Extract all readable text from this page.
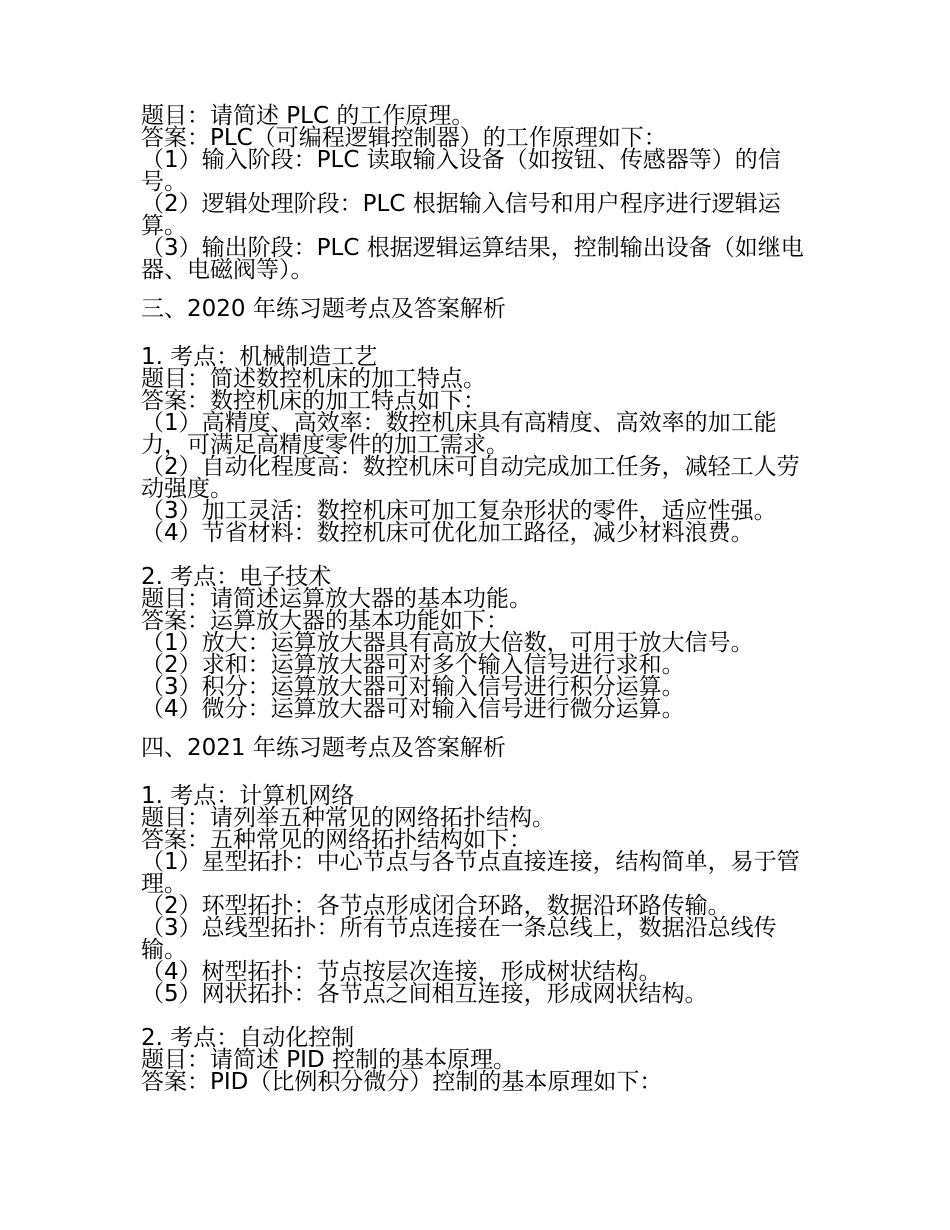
题目：请简述 PLC 的工作原理。
答案：PLC（可编程逻辑控制器）的工作原理如下：
（1）输入阶段：PLC 读取输入设备（如按钮、传感器等）的信号。
（2）逻辑处理阶段：PLC 根据输入信号和用户程序进行逻辑运算。
（3）输出阶段：PLC 根据逻辑运算结果，控制输出设备（如继电器、电磁阀等）。
三、2020 年练习题考点及答案解析
1. 考点：机械制造工艺
题目：简述数控机床的加工特点。
答案：数控机床的加工特点如下：
（1）高精度、高效率：数控机床具有高精度、高效率的加工能力，可满足高精度零件的加工需求。
（2）自动化程度高：数控机床可自动完成加工任务，减轻工人劳动强度。
（3）加工灵活：数控机床可加工复杂形状的零件，适应性强。
（4）节省材料：数控机床可优化加工路径，减少材料浪费。
2. 考点：电子技术
题目：请简述运算放大器的基本功能。
答案：运算放大器的基本功能如下：
（1）放大：运算放大器具有高放大倍数，可用于放大信号。
（2）求和：运算放大器可对多个输入信号进行求和。
（3）积分：运算放大器可对输入信号进行积分运算。
（4）微分：运算放大器可对输入信号进行微分运算。
四、2021 年练习题考点及答案解析
1. 考点：计算机网络
题目：请列举五种常见的网络拓扑结构。
答案：五种常见的网络拓扑结构如下：
（1）星型拓扑：中心节点与各节点直接连接，结构简单，易于管理。
（2）环型拓扑：各节点形成闭合环路，数据沿环路传输。
（3）总线型拓扑：所有节点连接在一条总线上，数据沿总线传输。
（4）树型拓扑：节点按层次连接，形成树状结构。
（5）网状拓扑：各节点之间相互连接，形成网状结构。
2. 考点：自动化控制
题目：请简述 PID 控制的基本原理。
答案：PID（比例积分微分）控制的基本原理如下：
